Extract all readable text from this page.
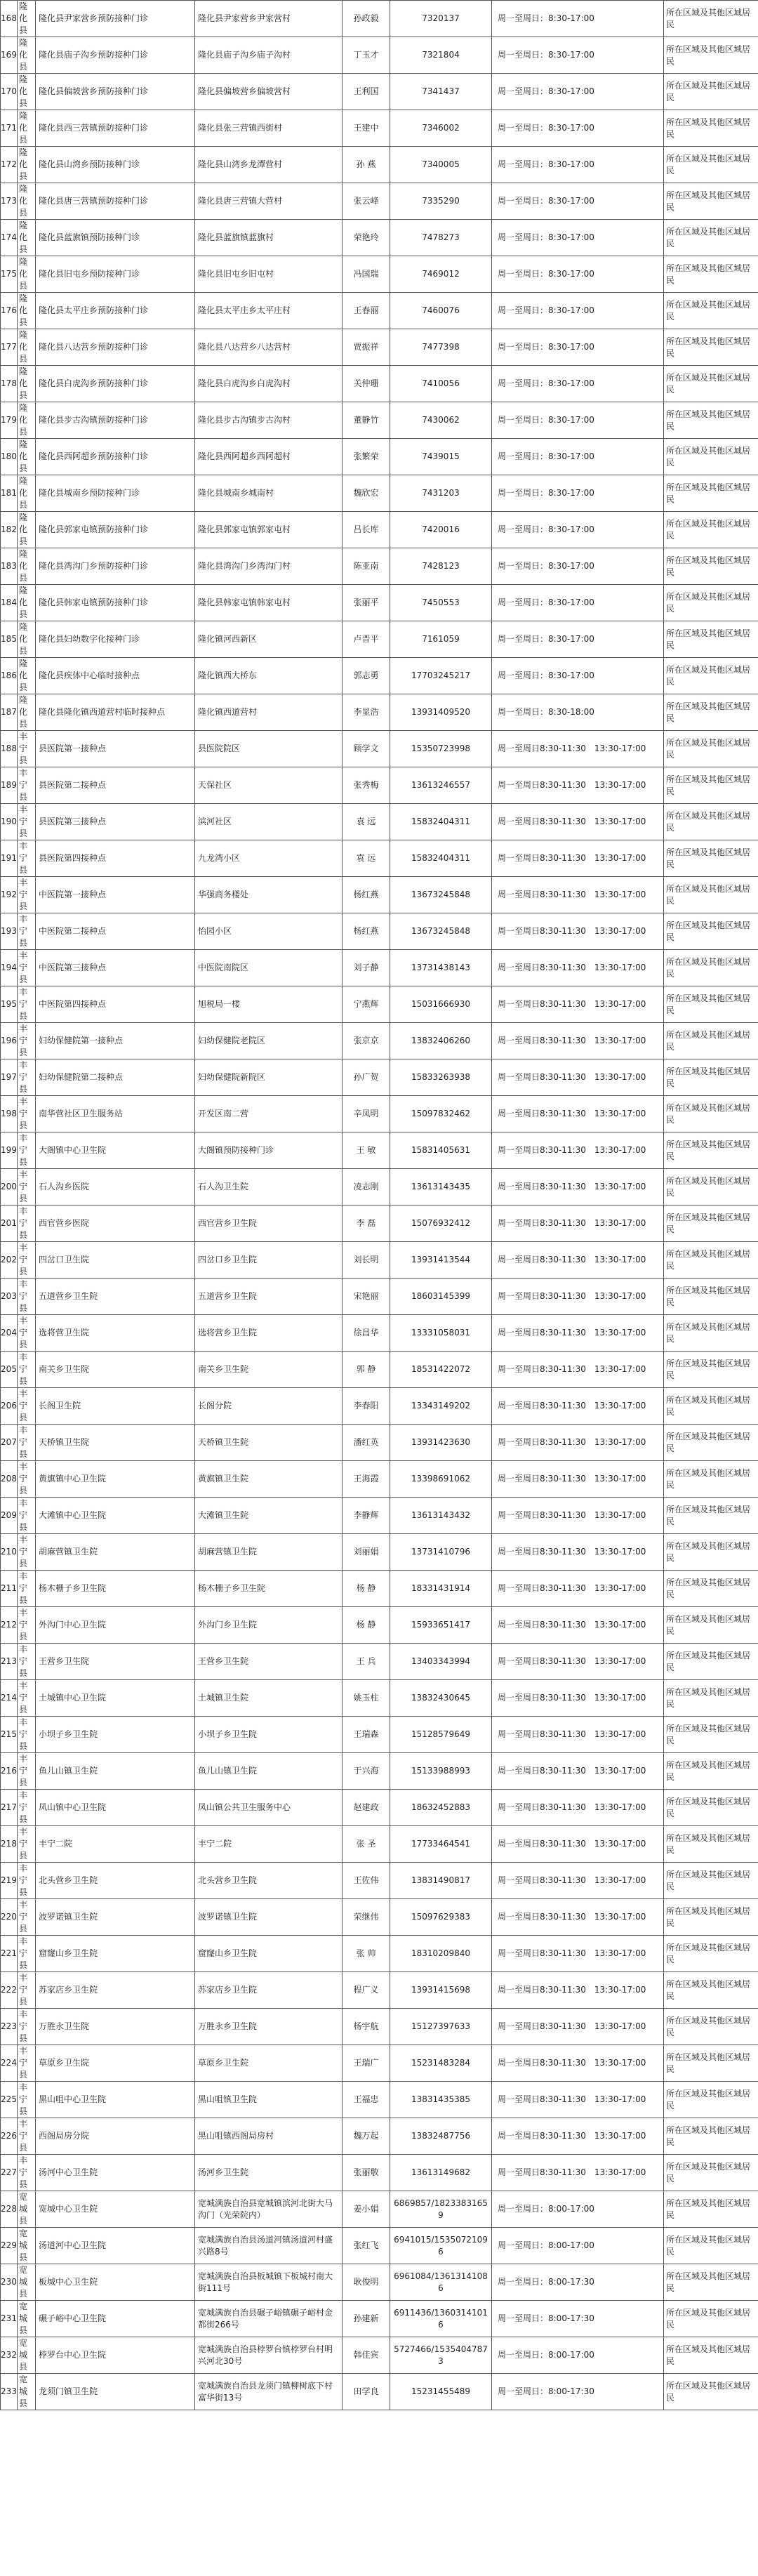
168	隆化县	隆化县尹家营乡预防接种门诊	隆化县尹家营乡尹家营村	孙政毅	7320137	周一至周日：8:30-17:00	所在区域及其他区域居民
169	隆化县	隆化县庙子沟乡预防接种门诊	隆化县庙子沟乡庙子沟村	丁玉才	7321804	周一至周日：8:30-17:00	所在区域及其他区域居民
170	隆化县	隆化县偏坡营乡预防接种门诊	隆化县偏坡营乡偏坡营村	王利国	7341437	周一至周日：8:30-17:00	所在区域及其他区域居民
171	隆化县	隆化县西三营镇预防接种门诊	隆化县张三营镇西街村	王建中	7346002	周一至周日：8:30-17:00	所在区域及其他区域居民
172	隆化县	隆化县山湾乡预防接种门诊	隆化县山湾乡龙潭营村	孙 燕	7340005	周一至周日：8:30-17:00	所在区域及其他区域居民
173	隆化县	隆化县唐三营镇预防接种门诊	隆化县唐三营镇大营村	张云峰	7335290	周一至周日：8:30-17:00	所在区域及其他区域居民
174	隆化县	隆化县蓝旗镇预防接种门诊	隆化县蓝旗镇蓝旗村	荣艳玲	7478273	周一至周日：8:30-17:00	所在区域及其他区域居民
175	隆化县	隆化县旧屯乡预防接种门诊	隆化县旧屯乡旧屯村	冯国瑞	7469012	周一至周日：8:30-17:00	所在区域及其他区域居民
176	隆化县	隆化县太平庄乡预防接种门诊	隆化县太平庄乡太平庄村	王春丽	7460076	周一至周日：8:30-17:00	所在区域及其他区域居民
177	隆化县	隆化县八达营乡预防接种门诊	隆化县八达营乡八达营村	贾振祥	7477398	周一至周日：8:30-17:00	所在区域及其他区域居民
178	隆化县	隆化县白虎沟乡预防接种门诊	隆化县白虎沟乡白虎沟村	关仲珊	7410056	周一至周日：8:30-17:00	所在区域及其他区域居民
179	隆化县	隆化县步古沟镇预防接种门诊	隆化县步古沟镇步古沟村	董静竹	7430062	周一至周日：8:30-17:00	所在区域及其他区域居民
180	隆化县	隆化县西阿超乡预防接种门诊	隆化县西阿超乡西阿超村	张繁荣	7439015	周一至周日：8:30-17:00	所在区域及其他区域居民
181	隆化县	隆化县城南乡预防接种门诊	隆化县城南乡城南村	魏欣宏	7431203	周一至周日：8:30-17:00	所在区域及其他区域居民
182	隆化县	隆化县郭家屯镇预防接种门诊	隆化县郭家屯镇郭家屯村	吕长库	7420016	周一至周日：8:30-17:00	所在区域及其他区域居民
183	隆化县	隆化县湾沟门乡预防接种门诊	隆化县湾沟门乡湾沟门村	陈亚南	7428123	周一至周日：8:30-17:00	所在区域及其他区域居民
184	隆化县	隆化县韩家屯镇预防接种门诊	隆化县韩家屯镇韩家屯村	张丽平	7450553	周一至周日：8:30-17:00	所在区域及其他区域居民
185	隆化县	隆化县妇幼数字化接种门诊	隆化镇河西新区	卢晋平	7161059	周一至周日：8:30-17:00	所在区域及其他区域居民
186	隆化县	隆化县疾体中心临时接种点	隆化镇西大桥东	郭志勇	17703245217	周一至周日：8:30-17:00	所在区域及其他区域居民
187	隆化县	隆化县隆化镇西道营村临时接种点	隆化镇西道营村	李显浩	13931409520	周一至周日：8:30-18:00	所在区域及其他区域居民
188	丰宁县	县医院第一接种点	县医院院区	顾学文	15350723998	周一至周日8:30-11:30　13:30-17:00	所在区域及其他区域居民
189	丰宁县	县医院第二接种点	天保社区	张秀梅	13613246557	周一至周日8:30-11:30　13:30-17:00	所在区域及其他区域居民
190	丰宁县	县医院第三接种点	滨河社区	袁 远	15832404311	周一至周日8:30-11:30　13:30-17:00	所在区域及其他区域居民
191	丰宁县	县医院第四接种点	九龙湾小区	袁 远	15832404311	周一至周日8:30-11:30　13:30-17:00	所在区域及其他区域居民
192	丰宁县	中医院第一接种点	华强商务楼处	杨红燕	13673245848	周一至周日8:30-11:30　13:30-17:00	所在区域及其他区域居民
193	丰宁县	中医院第二接种点	怡园小区	杨红燕	13673245848	周一至周日8:30-11:30　13:30-17:00	所在区域及其他区域居民
194	丰宁县	中医院第三接种点	中医院南院区	刘子静	13731438143	周一至周日8:30-11:30　13:30-17:00	所在区域及其他区域居民
195	丰宁县	中医院第四接种点	旭税局一楼	宁燕辉	15031666930	周一至周日8:30-11:30　13:30-17:00	所在区域及其他区域居民
196	丰宁县	妇幼保健院第一接种点	妇幼保健院老院区	张京京	13832406260	周一至周日8:30-11:30　13:30-17:00	所在区域及其他区域居民
197	丰宁县	妇幼保健院第二接种点	妇幼保健院新院区	孙广贺	15833263938	周一至周日8:30-11:30　13:30-17:00	所在区域及其他区域居民
198	丰宁县	南华营社区卫生服务站	开发区南二营	辛凤明	15097832462	周一至周日8:30-11:30　13:30-17:00	所在区域及其他区域居民
199	丰宁县	大阁镇中心卫生院	大阁镇预防接种门诊	王 敏	15831405631	周一至周日8:30-11:30　13:30-17:00	所在区域及其他区域居民
200	丰宁县	石人沟乡医院	石人沟卫生院	凌志刚	13613143435	周一至周日8:30-11:30　13:30-17:00	所在区域及其他区域居民
201	丰宁县	西官营乡医院	西官营乡卫生院	李 磊	15076932412	周一至周日8:30-11:30　13:30-17:00	所在区域及其他区域居民
202	丰宁县	四岔口卫生院	四岔口乡卫生院	刘长明	13931413544	周一至周日8:30-11:30　13:30-17:00	所在区域及其他区域居民
203	丰宁县	五道营乡卫生院	五道营乡卫生院	宋艳丽	18603145399	周一至周日8:30-11:30　13:30-17:00	所在区域及其他区域居民
204	丰宁县	选将营卫生院	选将营乡卫生院	徐昌华	13331058031	周一至周日8:30-11:30　13:30-17:00	所在区域及其他区域居民
205	丰宁县	南关乡卫生院	南关乡卫生院	郭 静	18531422072	周一至周日8:30-11:30　13:30-17:00	所在区域及其他区域居民
206	丰宁县	长阁卫生院	长阁分院	李春阳	13343149202	周一至周日8:30-11:30　13:30-17:00	所在区域及其他区域居民
207	丰宁县	天桥镇卫生院	天桥镇卫生院	潘红英	13931423630	周一至周日8:30-11:30　13:30-17:00	所在区域及其他区域居民
208	丰宁县	黄旗镇中心卫生院	黄旗镇卫生院	王海霞	13398691062	周一至周日8:30-11:30　13:30-17:00	所在区域及其他区域居民
209	丰宁县	大滩镇中心卫生院	大滩镇卫生院	李静辉	13613143432	周一至周日8:30-11:30　13:30-17:00	所在区域及其他区域居民
210	丰宁县	胡麻营镇卫生院	胡麻营镇卫生院	刘丽娟	13731410796	周一至周日8:30-11:30　13:30-17:00	所在区域及其他区域居民
211	丰宁县	杨木栅子乡卫生院	杨木栅子乡卫生院	杨 静	18331431914	周一至周日8:30-11:30　13:30-17:00	所在区域及其他区域居民
212	丰宁县	外沟门中心卫生院	外沟门乡卫生院	杨 静	15933651417	周一至周日8:30-11:30　13:30-17:00	所在区域及其他区域居民
213	丰宁县	王营乡卫生院	王营乡卫生院	王 兵	13403343994	周一至周日8:30-11:30　13:30-17:00	所在区域及其他区域居民
214	丰宁县	土城镇中心卫生院	土城镇卫生院	姚玉柱	13832430645	周一至周日8:30-11:30　13:30-17:00	所在区域及其他区域居民
215	丰宁县	小坝子乡卫生院	小坝子乡卫生院	王瑞森	15128579649	周一至周日8:30-11:30　13:30-17:00	所在区域及其他区域居民
216	丰宁县	鱼儿山镇卫生院	鱼儿山镇卫生院	于兴海	15133988993	周一至周日8:30-11:30　13:30-17:00	所在区域及其他区域居民
217	丰宁县	凤山镇中心卫生院	凤山镇公共卫生服务中心	赵建政	18632452883	周一至周日8:30-11:30　13:30-17:00	所在区域及其他区域居民
218	丰宁县	丰宁二院	丰宁二院	张 圣	17733464541	周一至周日8:30-11:30　13:30-17:00	所在区域及其他区域居民
219	丰宁县	北头营乡卫生院	北头营乡卫生院	王佐伟	13831490817	周一至周日8:30-11:30　13:30-17:00	所在区域及其他区域居民
220	丰宁县	波罗诺镇卫生院	波罗诺镇卫生院	荣继伟	15097629383	周一至周日8:30-11:30　13:30-17:00	所在区域及其他区域居民
221	丰宁县	窟窿山乡卫生院	窟窿山乡卫生院	张 帅	18310209840	周一至周日8:30-11:30　13:30-17:00	所在区域及其他区域居民
222	丰宁县	苏家店乡卫生院	苏家店乡卫生院	程广义	13931415698	周一至周日8:30-11:30　13:30-17:00	所在区域及其他区域居民
223	丰宁县	万胜永卫生院	万胜永乡卫生院	杨宇航	15127397633	周一至周日8:30-11:30　13:30-17:00	所在区域及其他区域居民
224	丰宁县	草原乡卫生院	草原乡卫生院	王瑞广	15231483284	周一至周日8:30-11:30　13:30-17:00	所在区域及其他区域居民
225	丰宁县	黑山咀中心卫生院	黑山咀镇卫生院	王福忠	13831435385	周一至周日8:30-11:30　13:30-17:00	所在区域及其他区域居民
226	丰宁县	西阁局房分院	黑山咀镇西阁局房村	魏万起	13832487756	周一至周日8:30-11:30　13:30-17:00	所在区域及其他区域居民
227	丰宁县	汤河中心卫生院	汤河乡卫生院	张丽敬	13613149682	周一至周日8:30-11:30　13:30-17:00	所在区域及其他区域居民
228	宽城县	宽城中心卫生院	宽城满族自治县宽城镇滨河北街大马沟门（光荣院内）	姜小娟	6869857/18233831659	周一至周日：8:00-17:00	所在区域及其他区域居民
229	宽城县	汤道河中心卫生院	宽城满族自治县汤道河镇汤道河村盛兴路8号	张红飞	6941015/15350721096	周一至周日：8:00-17:00	所在区域及其他区域居民
230	宽城县	板城中心卫生院	宽城满族自治县板城镇下板城村南大街111号	耿俊明	6961084/13613141086	周一至周日：8:00-17:30	所在区域及其他区域居民
231	宽城县	碾子峪中心卫生院	宽城满族自治县碾子峪镇碾子峪村金都街266号	孙建新	6911436/13603141016	周一至周日：8:00-17:30	所在区域及其他区域居民
232	宽城县	桲罗台中心卫生院	宽城满族自治县桲罗台镇桲罗台村明兴河北30号	韩佳宾	5727466/15354047873	周一至周日：8:00-17:00	所在区域及其他区域居民
233	宽城县	龙须门镇卫生院	宽城满族自治县龙须门镇柳树底下村富华街13号	田学良	15231455489	周一至周日：8:00-17:30	所在区域及其他区域居民
